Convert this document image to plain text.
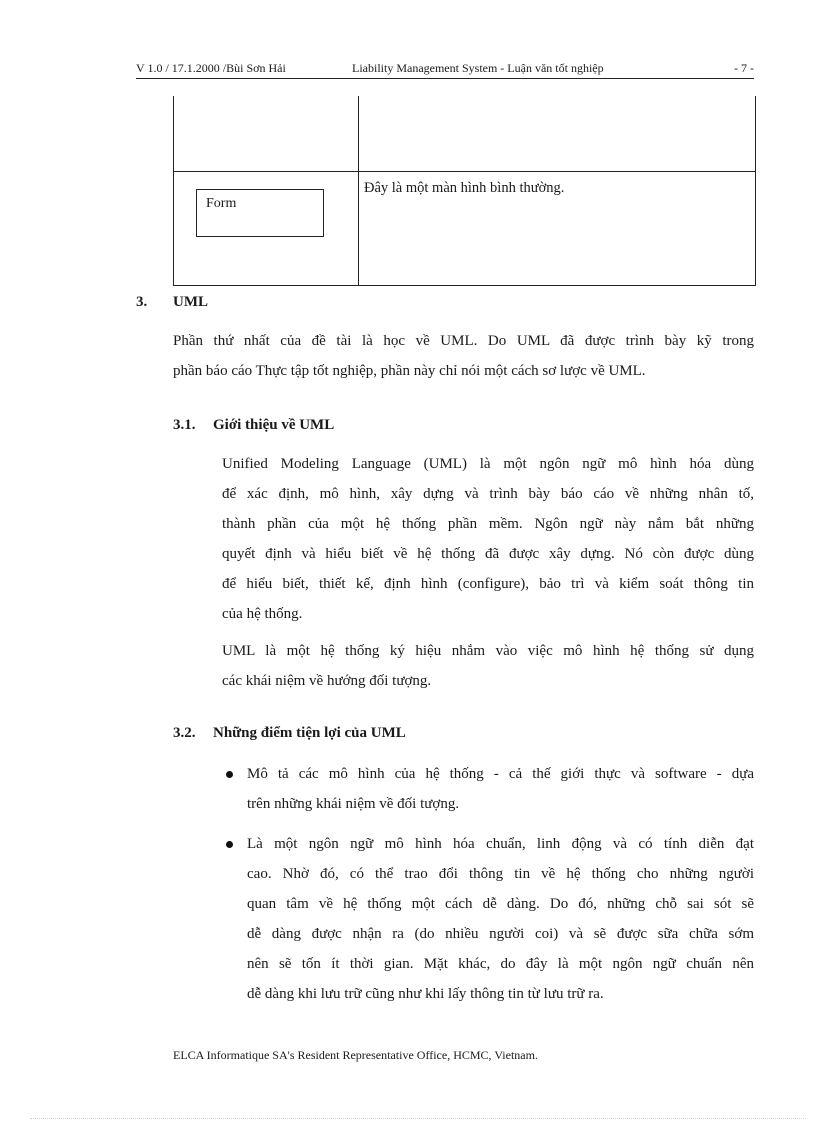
V 1.0 / 17.1.2000 /Bùi Sơn Hải	Liability Management System - Luận văn tốt nghiệp	- 7 -
Form
Đây là một màn hình bình thường.
3. UML
Phần thứ nhất của đề tài là học về UML. Do UML đã được trình bày kỹ trong
phần báo cáo Thực tập tốt nghiệp, phần này chỉ nói một cách sơ lược về UML.
3.1. Giới thiệu về UML
Unified Modeling Language (UML) là một ngôn ngữ mô hình hóa dùng
để xác định, mô hình, xây dựng và trình bày báo cáo về những nhân tố,
thành phần của một hệ thống phần mềm. Ngôn ngữ này nắm bắt những
quyết định và hiểu biết về hệ thống đã được xây dựng. Nó còn được dùng
để hiểu biết, thiết kế, định hình (configure), bảo trì và kiểm soát thông tin
của hệ thống.
UML là một hệ thống ký hiệu nhắm vào việc mô hình hệ thống sử dụng
các khái niệm về hướng đối tượng.
3.2. Những điểm tiện lợi của UML
Mô tả các mô hình của hệ thống - cả thế giới thực và software - dựa
trên những khái niệm về đối tượng.
Là một ngôn ngữ mô hình hóa chuẩn, linh động và có tính diễn đạt
cao. Nhờ đó, có thể trao đổi thông tin về hệ thống cho những người
quan tâm về hệ thống một cách dễ dàng. Do đó, những chỗ sai sót sẽ
dễ dàng được nhận ra (do nhiều người coi) và sẽ được sữa chữa sớm
nên sẽ tốn ít thời gian. Mặt khác, do đây là một ngôn ngữ chuẩn nên
dễ dàng khi lưu trữ cũng như khi lấy thông tin từ lưu trữ ra.
ELCA Informatique SA's Resident Representative Office, HCMC, Vietnam.
